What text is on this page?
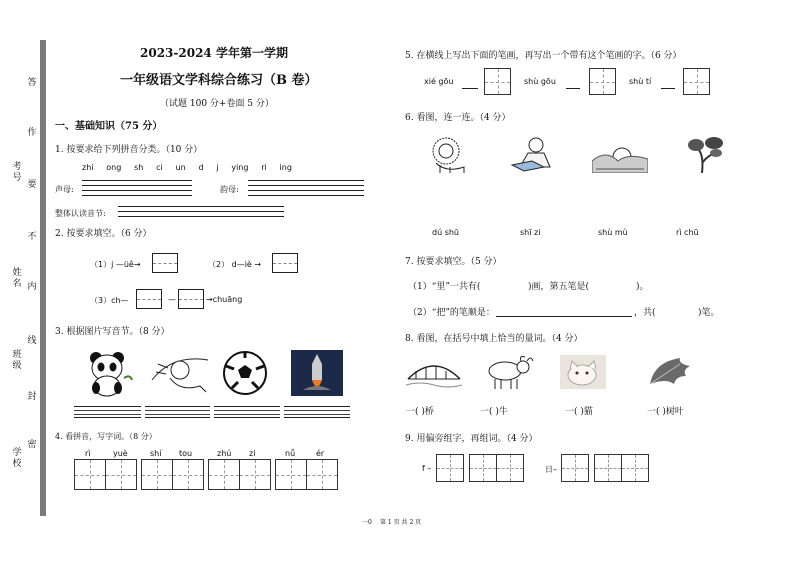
答
作
要
不
内
线
封
密
考号
姓名
班级
学校
2023-2024 学年第一学期
一年级语文学科综合练习（B 卷）
（试题 100 分+卷面 5 分）
一、基础知识（75 分）
1. 按要求给下列拼音分类。（10 分）
zhi ong sh ci un d j ying ri ing
声母:	韵母:
整体认读音节:
2. 按要求填空。（6 分）
（1）j —üê→	（2） d—iè →
（3）ch—	—	→chuāng
3. 根据图片写音节。（8 分）
4. 看拼音，写字词。（8 分）
rì	yuè	shí tou	zhú zi	nǚ	ér
5. 在横线上写出下面的笔画，再写出一个带有这个笔画的字。（6 分）
xié gōu	shù gōu	shù tí
6. 看图，连一连。（4 分）
dú shū	shī zi	shù mù	rì chū
7. 按要求填空。（5 分）
（1）“里”一共有(	)画，第五笔是(	)。
（2）“把”的笔顺是：	，共(	)笔。
8. 看图，在括号中填上恰当的量词。（4 分）
一( )桥	一( )牛	一( )猫	一( )树叶
9. 用偏旁组字，再组词。（4 分）
f –	日–
一0 第 1 页 共 2 页
